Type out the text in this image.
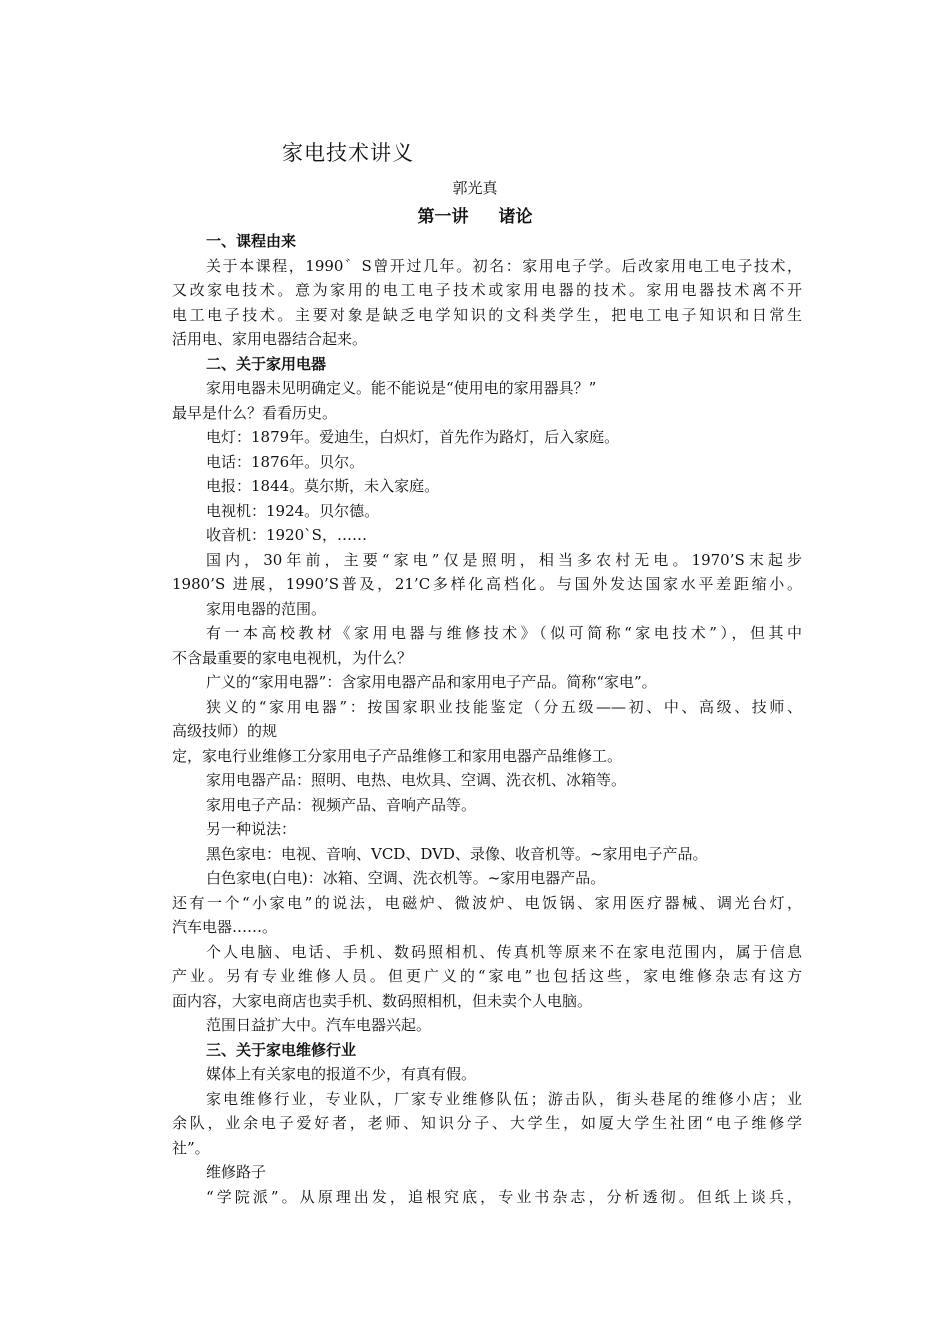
家电技术讲义
郭光真
第一讲 诸论
一、课程由来
关于本课程，1990゛S曾开过几年。初名：家用电子学。后改家用电工电子技术，
又改家电技术。意为家用的电工电子技术或家用电器的技术。家用电器技术离不开
电工电子技术。主要对象是缺乏电学知识的文科类学生，把电工电子知识和日常生
活用电、家用电器结合起来。
二、关于家用电器
家用电器未见明确定义。能不能说是“使用电的家用器具？”
最早是什么？看看历史。
电灯：1879年。爱迪生，白炽灯，首先作为路灯，后入家庭。
电话：1876年。贝尔。
电报：1844。莫尔斯，未入家庭。
电视机：1924。贝尔德。
收音机：1920`S，……
国内，30年前，主要“家电”仅是照明，相当多农村无电。1970’S末起步
1980’S 进展，1990’S普及，21’C多样化高档化。与国外发达国家水平差距缩小。
家用电器的范围。
有一本高校教材《家用电器与维修技术》（似可简称“家电技术”），但其中
不含最重要的家电电视机，为什么？
广义的“家用电器”：含家用电器产品和家用电子产品。简称“家电”。
狭义的“家用电器”：按国家职业技能鉴定（分五级——初、中、高级、技师、
高级技师）的规
定，家电行业维修工分家用电子产品维修工和家用电器产品维修工。
家用电器产品：照明、电热、电炊具、空调、洗衣机、冰箱等。
家用电子产品：视频产品、音响产品等。
另一种说法：
黑色家电：电视、音响、VCD、DVD、录像、收音机等。~家用电子产品。
白色家电(白电)：冰箱、空调、洗衣机等。~家用电器产品。
还有一个“小家电”的说法，电磁炉、微波炉、电饭锅、家用医疗器械、调光台灯，
汽车电器……。
个人电脑、电话、手机、数码照相机、传真机等原来不在家电范围内，属于信息
产业。另有专业维修人员。但更广义的“家电”也包括这些，家电维修杂志有这方
面内容，大家电商店也卖手机、数码照相机，但未卖个人电脑。
范围日益扩大中。汽车电器兴起。
三、关于家电维修行业
媒体上有关家电的报道不少，有真有假。
家电维修行业，专业队，厂家专业维修队伍；游击队，街头巷尾的维修小店；业
余队，业余电子爱好者，老师、知识分子、大学生，如厦大学生社团“电子维修学
社”。
维修路子
“学院派”。从原理出发，追根究底，专业书杂志，分析透彻。但纸上谈兵，
